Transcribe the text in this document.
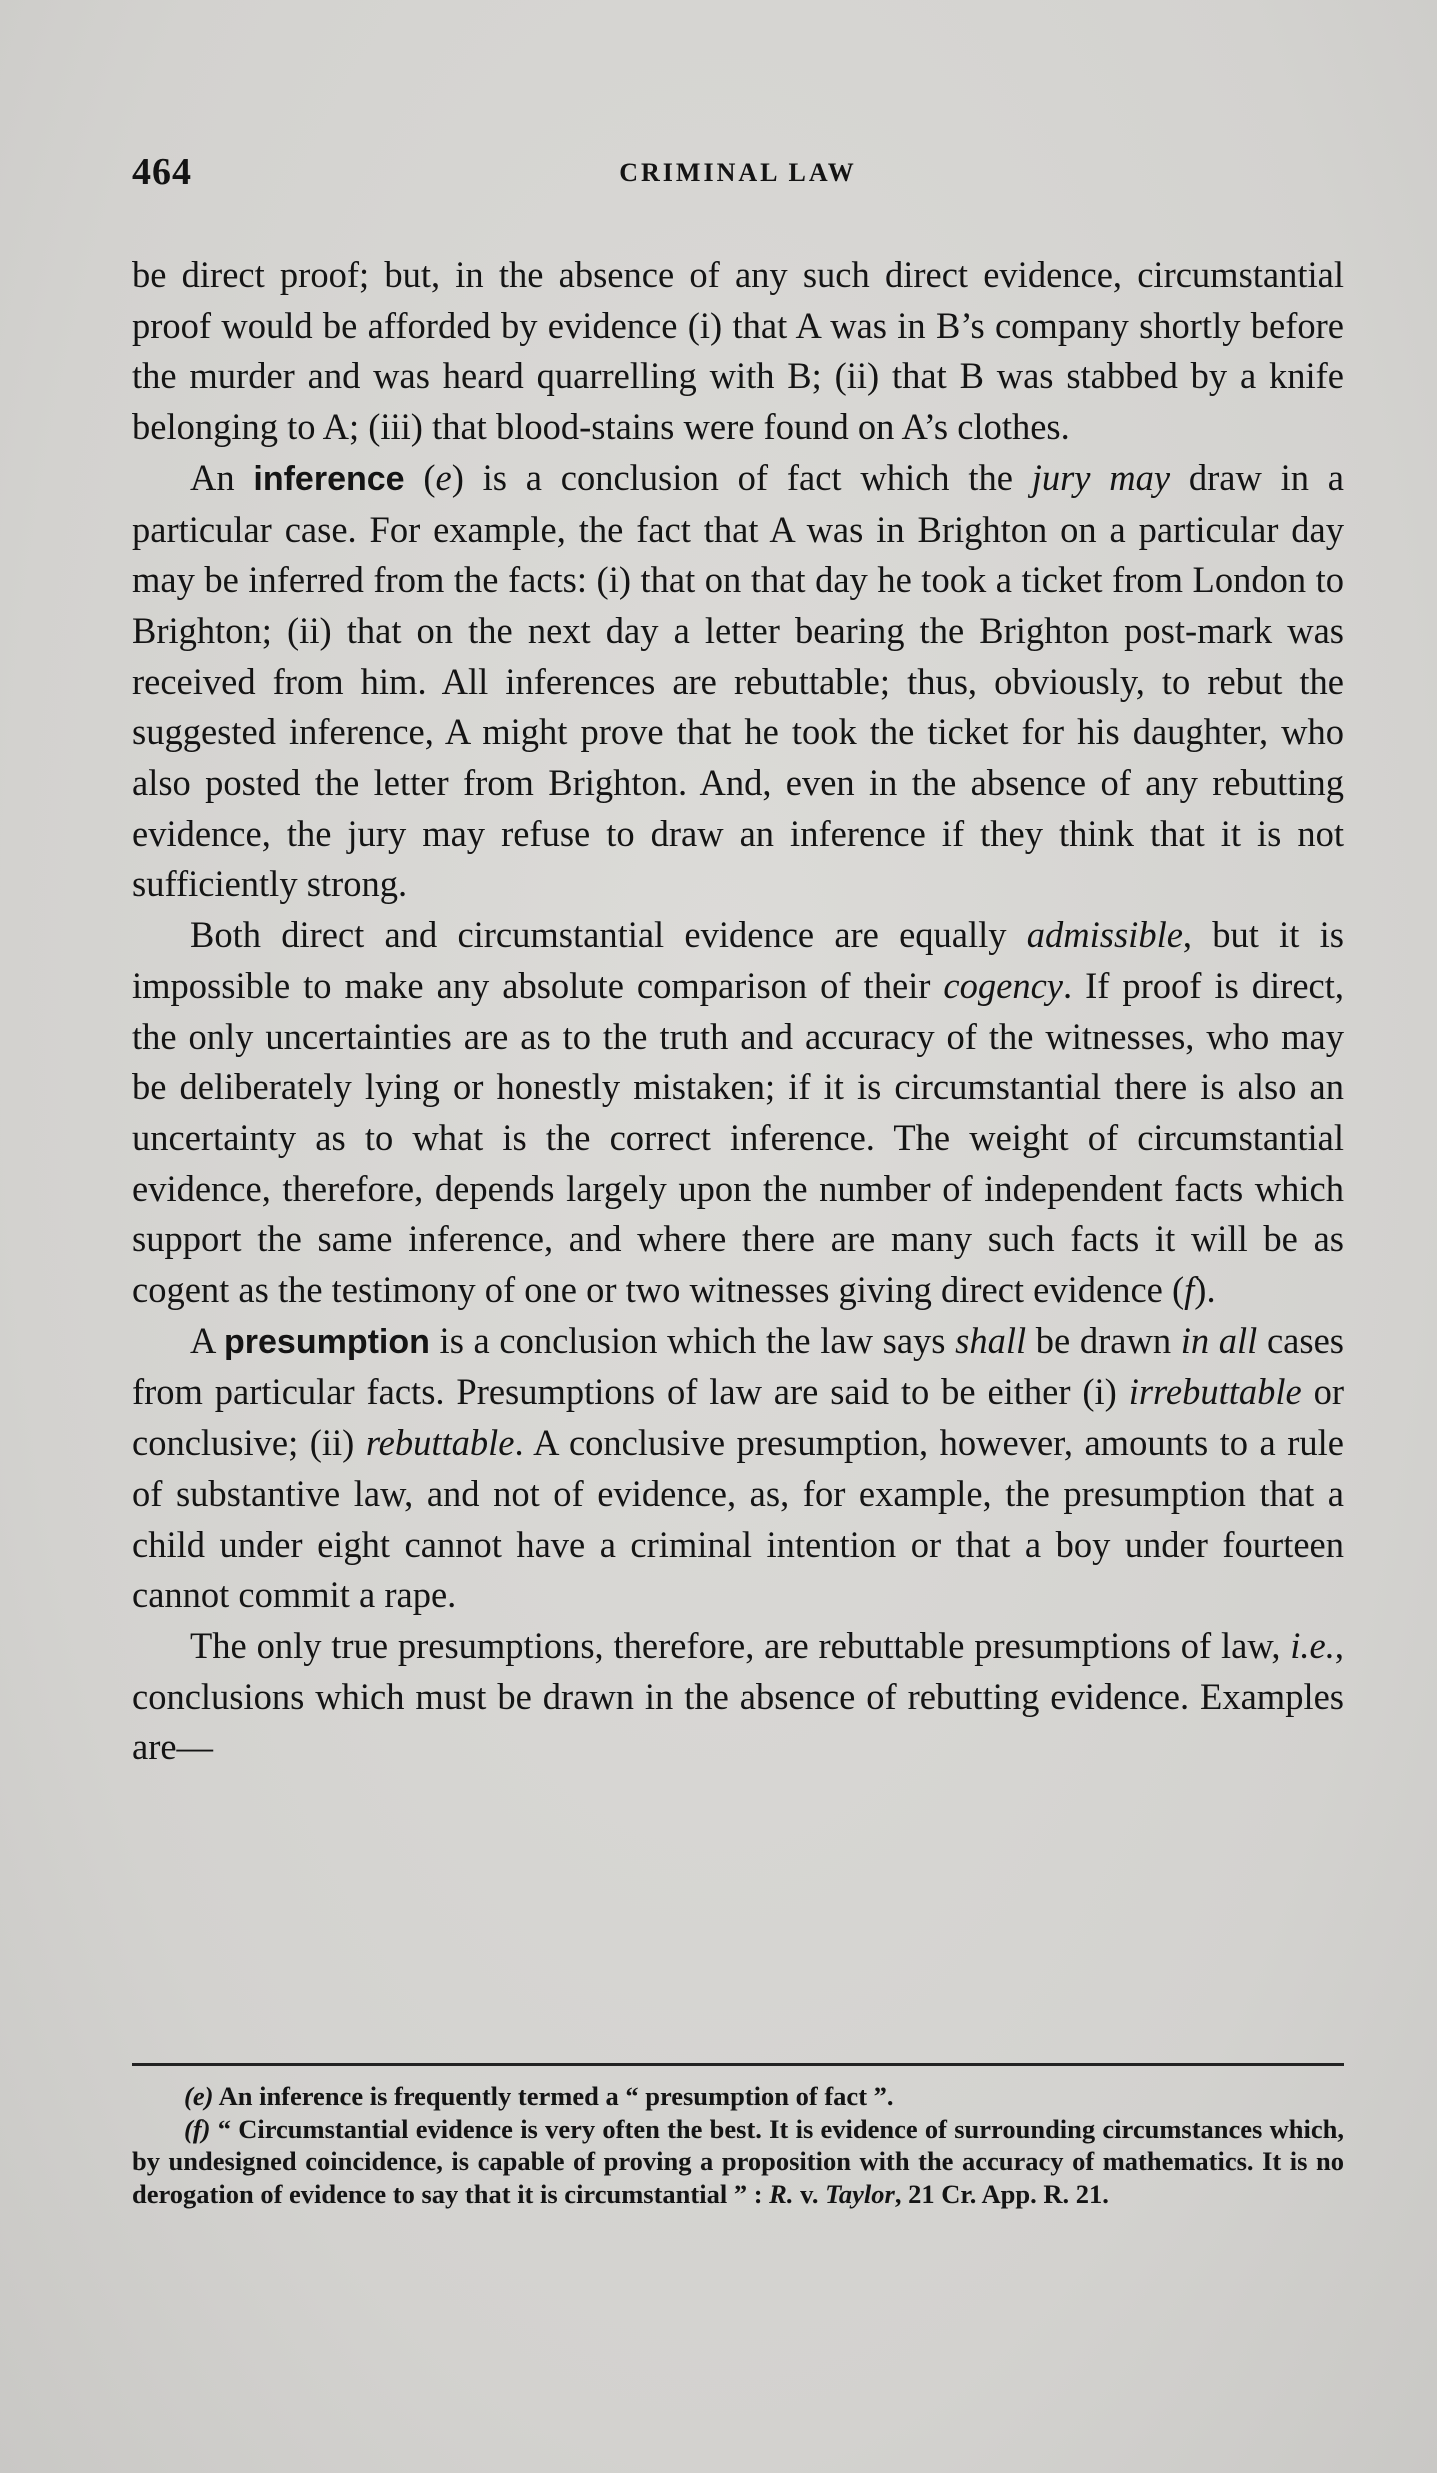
464	CRIMINAL LAW

be direct proof; but, in the absence of any such direct evidence, circumstantial proof would be afforded by evidence (i) that A was in B’s company shortly before the murder and was heard quarrelling with B; (ii) that B was stabbed by a knife belonging to A; (iii) that blood-stains were found on A’s clothes.

An inference (e) is a conclusion of fact which the jury may draw in a particular case. For example, the fact that A was in Brighton on a particular day may be inferred from the facts: (i) that on that day he took a ticket from London to Brighton; (ii) that on the next day a letter bearing the Brighton post-mark was received from him. All inferences are rebuttable; thus, obviously, to rebut the suggested inference, A might prove that he took the ticket for his daughter, who also posted the letter from Brighton. And, even in the absence of any rebutting evidence, the jury may refuse to draw an inference if they think that it is not sufficiently strong.

Both direct and circumstantial evidence are equally admissible, but it is impossible to make any absolute comparison of their cogency. If proof is direct, the only uncertainties are as to the truth and accuracy of the witnesses, who may be deliberately lying or honestly mistaken; if it is circumstantial there is also an uncertainty as to what is the correct inference. The weight of circumstantial evidence, therefore, depends largely upon the number of independent facts which support the same inference, and where there are many such facts it will be as cogent as the testimony of one or two witnesses giving direct evidence (f).

A presumption is a conclusion which the law says shall be drawn in all cases from particular facts. Presumptions of law are said to be either (i) irrebuttable or conclusive; (ii) rebuttable. A conclusive presumption, however, amounts to a rule of substantive law, and not of evidence, as, for example, the presumption that a child under eight cannot have a criminal intention or that a boy under fourteen cannot commit a rape.

The only true presumptions, therefore, are rebuttable presumptions of law, i.e., conclusions which must be drawn in the absence of rebutting evidence. Examples are—

(e) An inference is frequently termed a “ presumption of fact ”.

(f) “ Circumstantial evidence is very often the best. It is evidence of surrounding circumstances which, by undesigned coincidence, is capable of proving a proposition with the accuracy of mathematics. It is no derogation of evidence to say that it is circumstantial ” : R. v. Taylor, 21 Cr. App. R. 21.
